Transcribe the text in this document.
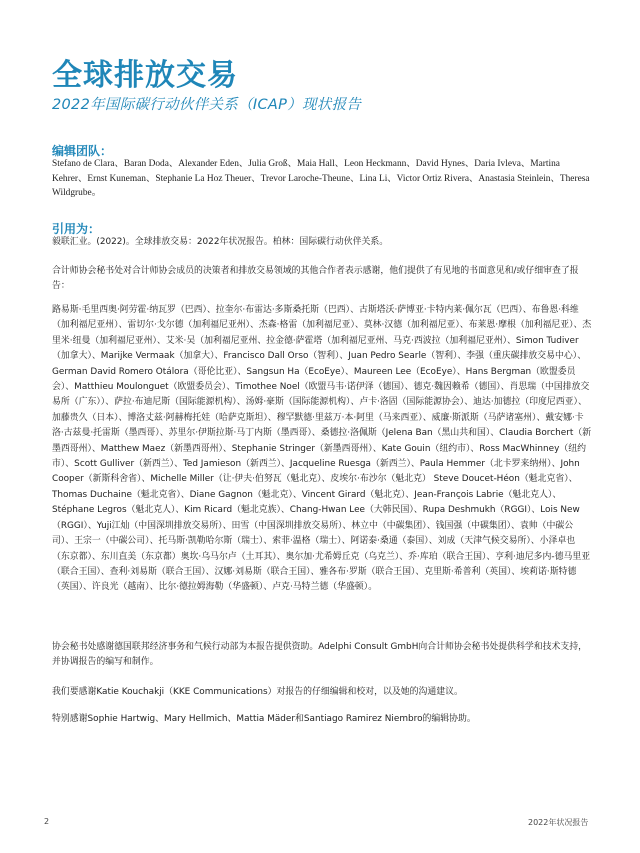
全球排放交易
2022年国际碳行动伙伴关系（ICAP）现状报告
编辑团队：

Stefano de Clara、Baran Doda、Alexander Eden、Julia Groß、Maia Hall、Leon Heckmann、David Hynes、Daria Ivleva、Martina Kehrer、Ernst Kuneman、Stephanie La Hoz Theuer、Trevor Laroche-Theune、Lina Li、Victor Ortiz Rivera、Anastasia Steinlein、Theresa Wildgrube。

引用为：

毅联汇业。(2022)。全球排放交易：2022年状况报告。柏林：国际碳行动伙伴关系。

合计师协会秘书处对合计师协会成员的决策者和排放交易领域的其他合作者表示感谢，他们提供了有见地的书面意见和/或仔细审查了报告：

路易斯·毛里西奥·阿劳霍·纳瓦罗（巴西）、拉奎尔·布雷达·多斯桑托斯（巴西）、古斯塔沃·萨博亚·卡特内莱·佩尔瓦（巴西）、布鲁恩·科维（加利福尼亚州）、雷切尔·戈尔德（加利福尼亚州）、杰森·格雷（加利福尼亚）、莫林·汉德（加利福尼亚）、布莱恩·摩根（加利福尼亚）、杰里米·纽曼（加利福尼亚州）、艾米·吴（加利福尼亚州、拉金德·萨霍塔（加利福尼亚州、马克·西波拉（加利福尼亚州）、Simon Tudiver（加拿大）、Marijke Vermaak（加拿大）、Francisco Dall Orso（智利）、Juan Pedro Searle（智利）、李强（重庆碳排放交易中心）、German David Romero Otálora（哥伦比亚）、Sangsun Ha（EcoEye）、Maureen Lee（EcoEye）、Hans Bergman（欧盟委员会）、Matthieu Moulonguet（欧盟委员会）、Timothee Noel（欧盟马韦·诺伊泽（德国）、德克·魏因赖希（德国）、肖思瑞（中国排放交易所（广东））、萨拉·布迪尼斯（国际能源机构）、汤姆·豪斯（国际能源机构）、卢卡·洛固（国际能源协会）、迪达·加德拉（印度尼西亚）、加藤贵久（日本）、博洛丈兹·阿赫梅托娃（哈萨克斯坦）、穆罕默德·里兹万·本·阿里（马来西亚）、威廉·斯派斯（马萨诸塞州）、戴安娜·卡洛·古兹曼·托雷斯（墨西哥）、苏里尔·伊斯拉斯·马丁内斯（墨西哥）、桑德拉·洛佩斯（Jelena Ban（黑山共和国）、Claudia Borchert（新墨西哥州）、Matthew Maez（新墨西哥州）、Stephanie Stringer（新墨西哥州）、Kate Gouin（纽约市）、Ross MacWhinney（纽约市）、Scott Gulliver（新西兰）、Ted Jamieson（新西兰）、Jacqueline Ruesga（新西兰）、Paula Hemmer（北卡罗来纳州）、John Cooper（新斯科舍省）、Michelle Miller（让·伊夫·伯努瓦（魁北克）、皮埃尔·布沙尔（魁北克） Steve Doucet-Héon（魁北克省）、Thomas Duchaine（魁北克省）、Diane Gagnon（魁北克）、Vincent Girard（魁北克）、Jean-François Labrie（魁北克人）、Stéphane Legros（魁北克人）、Kim Ricard（魁北克族）、Chang-Hwan Lee（大韩民国）、Rupa Deshmukh（RGGI）、Lois New（RGGI）、Yuji江灿（中国深圳排放交易所）、田雪（中国深圳排放交易所）、林立中（中碳集团）、钱国强（中碳集团）、袁帅（中碳公司）、王宗一（中碳公司）、托马斯·凯勒哈尔斯（瑞士）、索菲·温格（瑞士）、阿诺泰·桑通（泰国）、刘成（天津气候交易所）、小泽卓也（东京都）、东川直美（东京都）奥坎·乌马尔卢（土耳其）、奥尔加·尤希姆丘克（乌克兰）、乔·库珀（联合王国）、亨利·迪尼多内-德马里亚（联合王国）、查利·刘易斯（联合王国）、汉娜·刘易斯（联合王国）、雅各布·罗斯（联合王国）、克里斯·希普利（英国）、埃莉诺·斯特德（英国）、许良光（越南）、比尔·德拉姆海勒（华盛顿）、卢克·马特兰德（华盛顿）。

协会秘书处感谢德国联邦经济事务和气候行动部为本报告提供资助。Adelphi Consult GmbH向合计师协会秘书处提供科学和技术支持，并协调报告的编写和制作。

我们要感谢Katie Kouchakji（KKE Communications）对报告的仔细编辑和校对，以及她的沟通建议。

特别感谢Sophie Hartwig、Mary Hellmich、Mattia Mäder和Santiago Ramirez Niembro的编辑协助。

2	2022年状况报告
